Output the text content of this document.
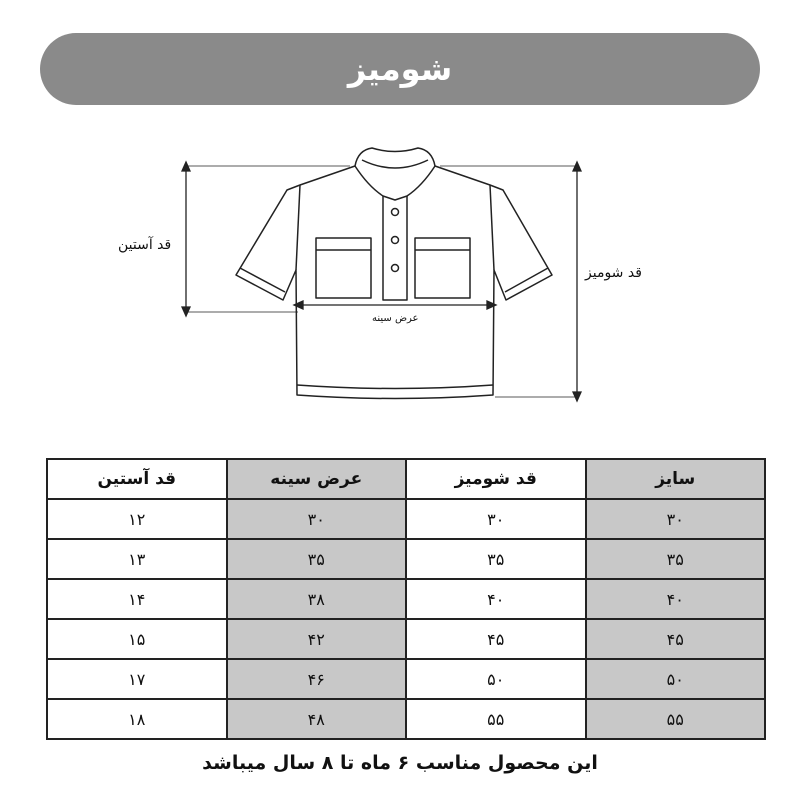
شومیز
قد آستین
قد شومیز
عرض سینه
سایز	قد شومیز	عرض سینه	قد آستین
۳۰	۳۰	۳۰	۱۲
۳۵	۳۵	۳۵	۱۳
۴۰	۴۰	۳۸	۱۴
۴۵	۴۵	۴۲	۱۵
۵۰	۵۰	۴۶	۱۷
۵۵	۵۵	۴۸	۱۸
این محصول مناسب ۶ ماه تا ۸ سال میباشد
